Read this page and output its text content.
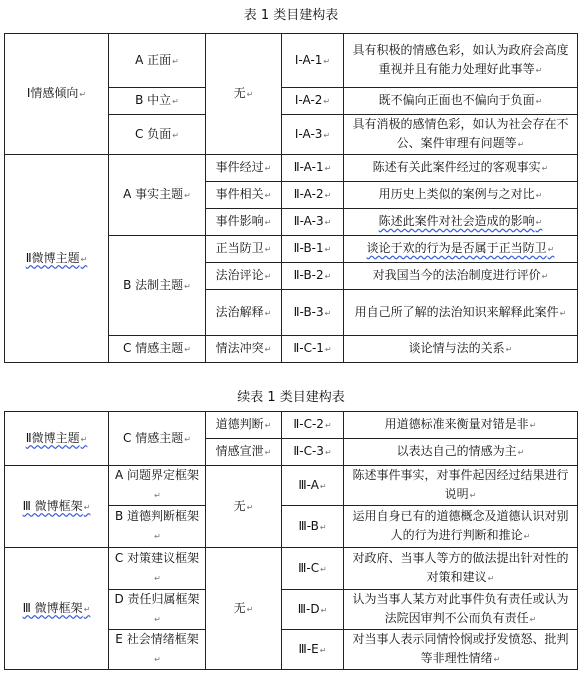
表 1 类目建构表
Ⅰ情感倾向 ↵	A 正面 ↵	无 ↵	Ⅰ-A-1 ↵	具有积极的情感色彩，如认为政府会高度重视并且有能力处理好此事等 ↵
	B 中立 ↵		Ⅰ-A-2 ↵	既不偏向正面也不偏向于负面 ↵
	C 负面 ↵		Ⅰ-A-3 ↵	具有消极的感情色彩，如认为社会存在不公、案件审理有问题等 ↵
Ⅱ微博主题 ↵	A 事实主题 ↵	事件经过 ↵	Ⅱ-A-1 ↵	陈述有关此案件经过的客观事实 ↵
		事件相关 ↵	Ⅱ-A-2 ↵	用历史上类似的案例与之对比 ↵
		事件影响 ↵	Ⅱ-A-3 ↵	陈述此案件对社会造成的影响 ↵
	B 法制主题 ↵	正当防卫 ↵	Ⅱ-B-1 ↵	谈论于欢的行为是否属于正当防卫 ↵
		法治评论 ↵	Ⅱ-B-2 ↵	对我国当今的法治制度进行评价 ↵
		法治解释 ↵	Ⅱ-B-3 ↵	用自己所了解的法治知识来解释此案件 ↵
	C 情感主题 ↵	情法冲突 ↵	Ⅱ-C-1 ↵	谈论情与法的关系 ↵
续表 1 类目建构表
Ⅱ微博主题 ↵	C 情感主题 ↵	道德判断 ↵	Ⅱ-C-2 ↵	用道德标准来衡量对错是非 ↵
		情感宣泄 ↵	Ⅱ-C-3 ↵	以表达自己的情感为主 ↵
Ⅲ 微博框架 ↵	A 问题界定框架 ↵	无 ↵	Ⅲ-A ↵	陈述事件事实，对事件起因经过结果进行说明 ↵
	B 道德判断框架 ↵		Ⅲ-B ↵	运用自身已有的道德概念及道德认识对别人的行为进行判断和推论 ↵
Ⅲ 微博框架 ↵	C 对策建议框架 ↵	无 ↵	Ⅲ-C ↵	对政府、当事人等方的做法提出针对性的对策和建议 ↵
	D 责任归属框架 ↵		Ⅲ-D ↵	认为当事人某方对此事件负有责任或认为法院因审判不公而负有责任 ↵
	E 社会情绪框架 ↵		Ⅲ-E ↵	对当事人表示同情怜悯或抒发愤怒、批判等非理性情绪 ↵
